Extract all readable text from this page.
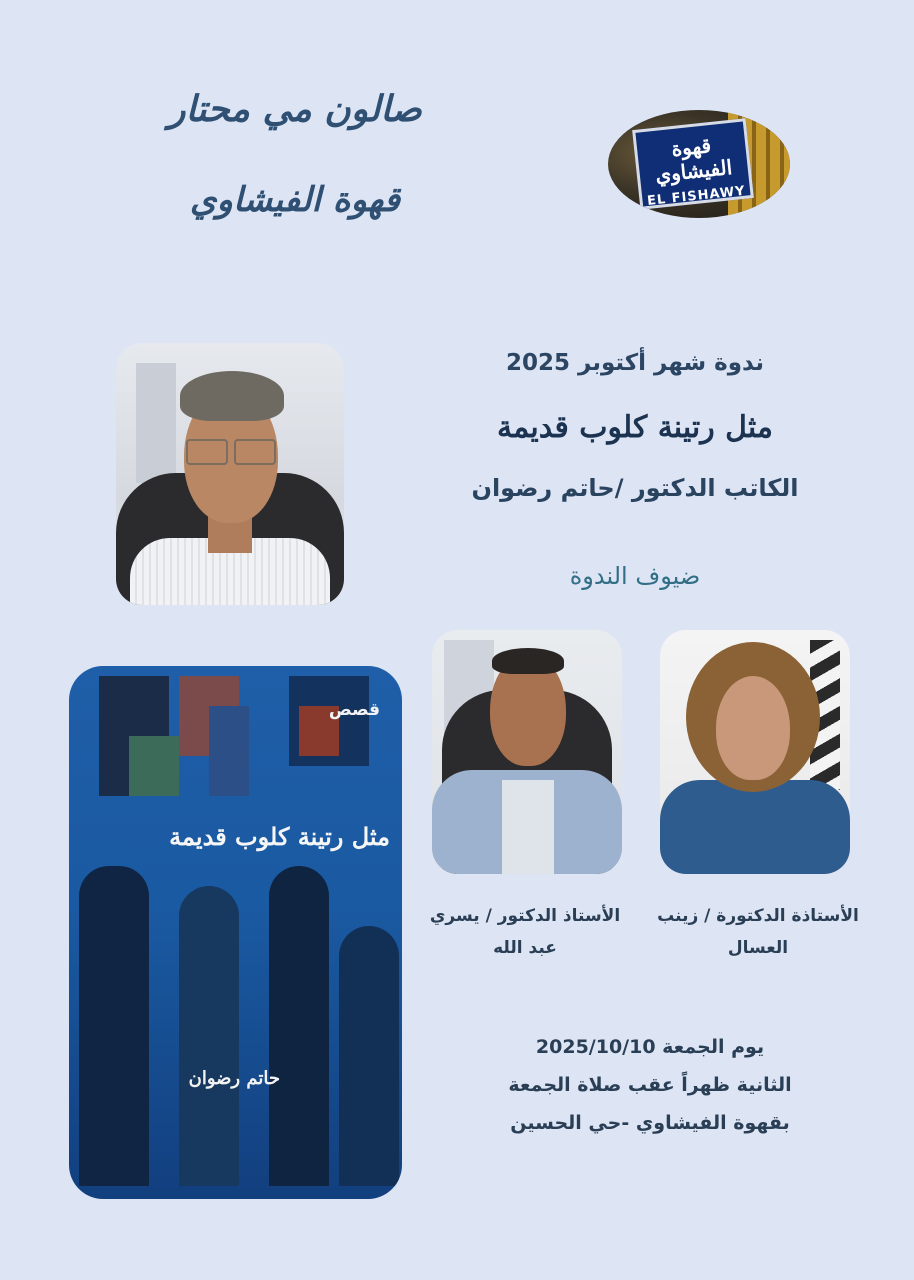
صالون مي محتار
قهوة الفيشاوي
قهوة الفيشاوي
EL FISHAWY
ندوة شهر أكتوبر 2025
مثل رتينة كلوب قديمة
الكاتب الدكتور /حاتم رضوان
ضيوف الندوة
الأستاذ الدكتور / يسري
عبد الله
الأستاذة الدكتورة / زينب
العسال
يوم الجمعة 2025/10/10
الثانية ظهراً عقب صلاة الجمعة
بقهوة الفيشاوي -حي الحسين
قصص
مثل رتينة كلوب قديمة
حاتم رضوان
